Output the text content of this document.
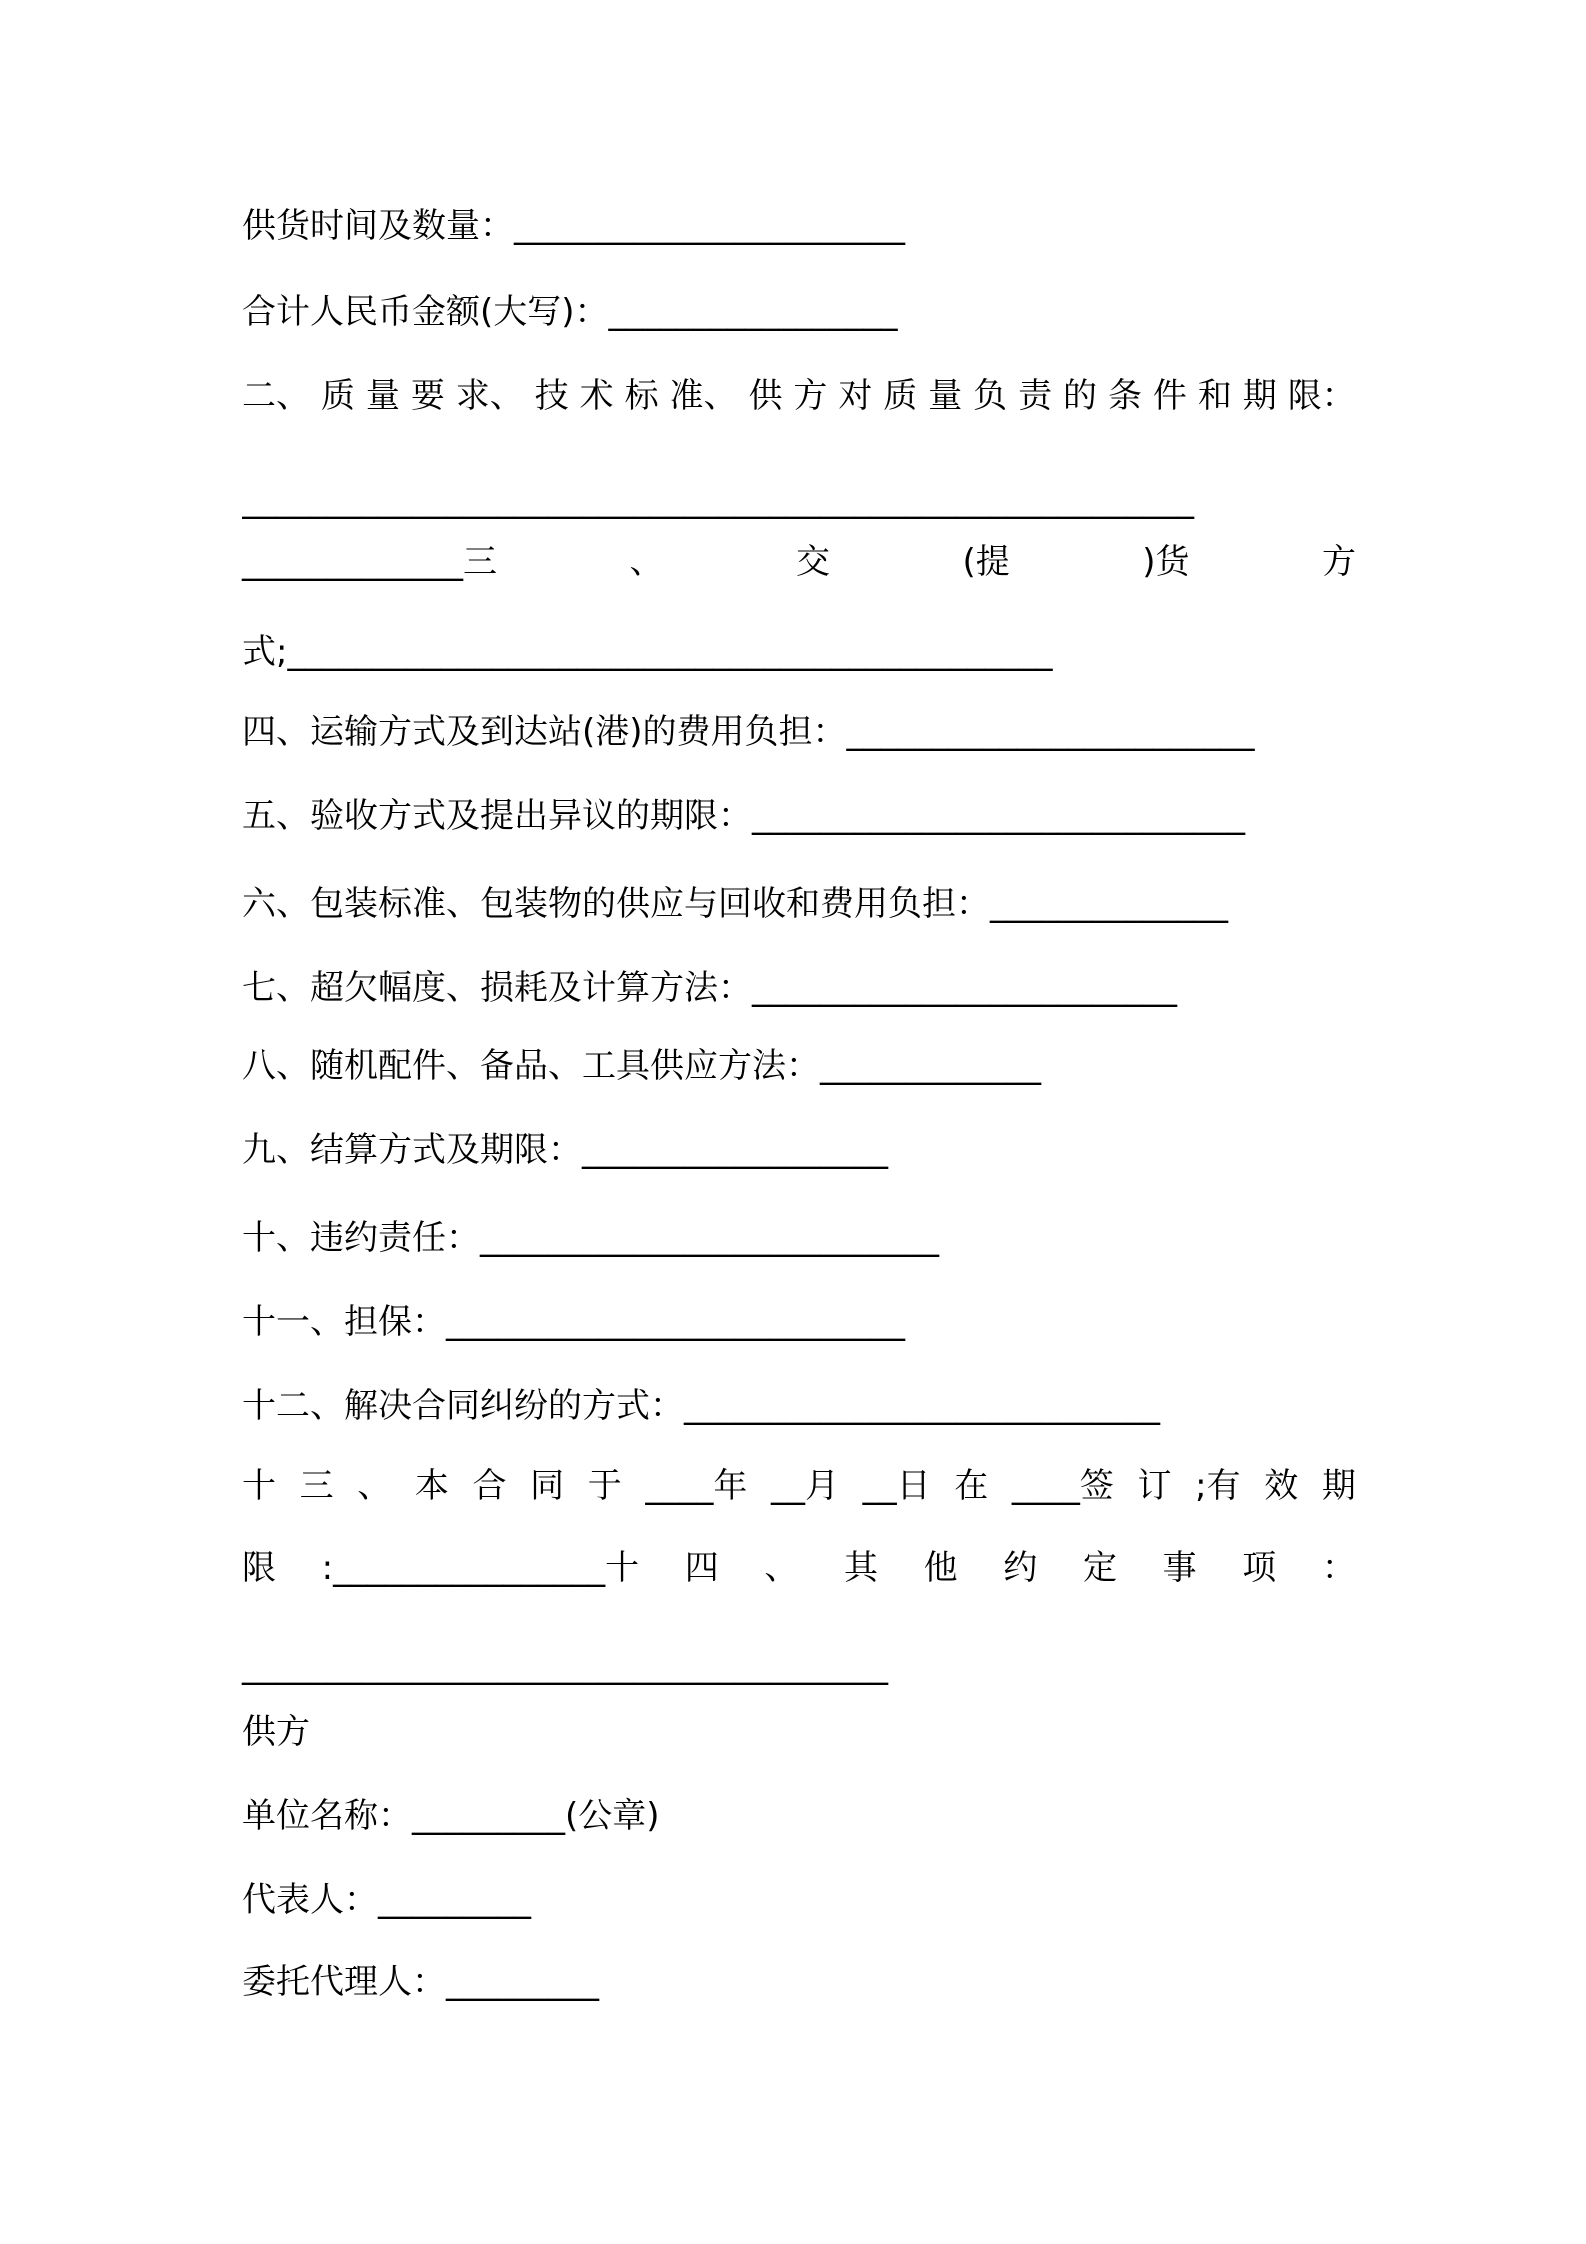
供货时间及数量：_______________________
合计人民币金额(大写)：_________________
二、 质 量 要 求、 技 术 标 准、 供 方 对 质 量 负 责 的 条 件 和 期 限：
________________________________________________________
_____________三	、	交	(提	)货	方
式;_____________________________________________
四、运输方式及到达站(港)的费用负担：________________________
五、验收方式及提出异议的期限：_____________________________
六、包装标准、包装物的供应与回收和费用负担：______________
七、超欠幅度、损耗及计算方法：_________________________
八、随机配件、备品、工具供应方法：_____________
九、结算方式及期限：__________________
十、违约责任：___________________________
十一、担保：___________________________
十二、解决合同纠纷的方式：____________________________
十 三 、 本 合 同 于 ____年 __月 __日 在 ____签 订 ;有 效 期
限 :________________十 四 、 其 他 约 定 事 项 ：
______________________________________
供方
单位名称：_________(公章)
代表人：_________
委托代理人：_________
